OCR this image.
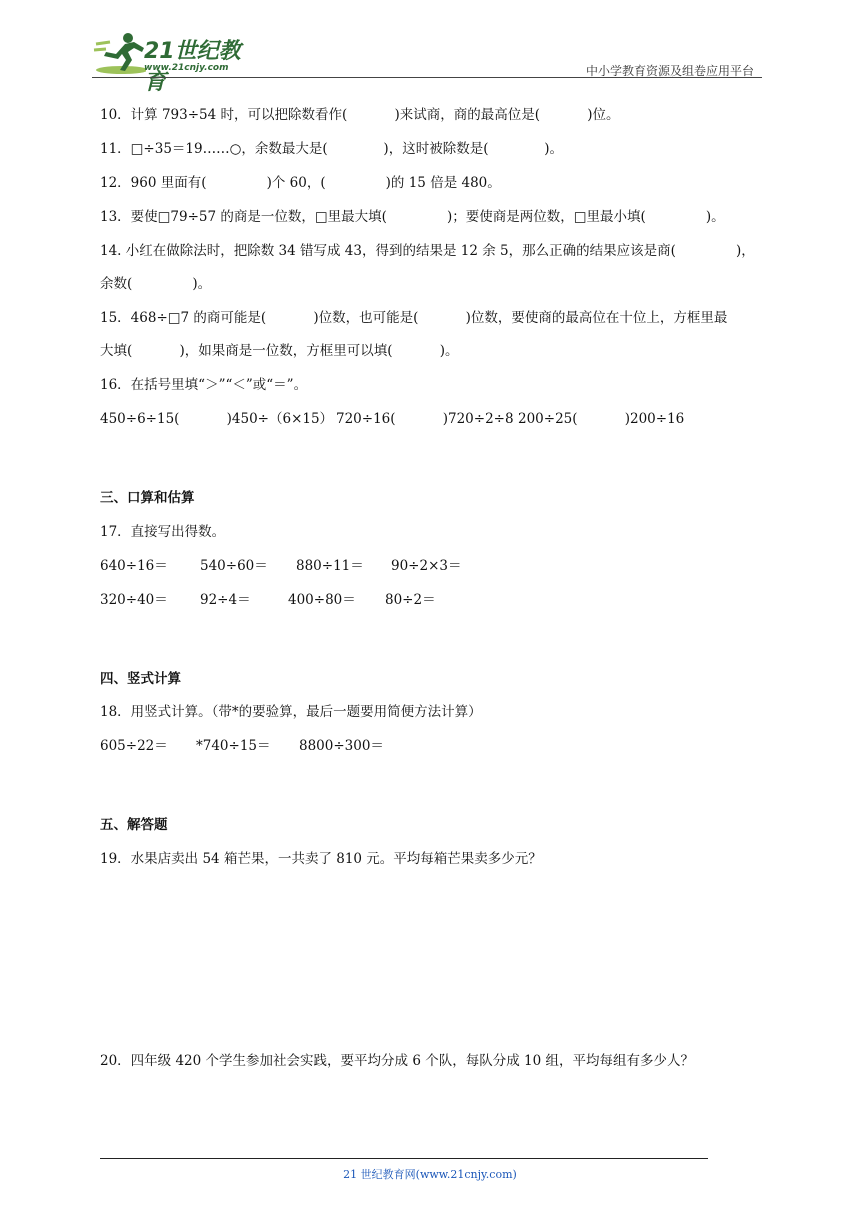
21世纪教育
www.21cnjy.com	中小学教育资源及组卷应用平台
10．计算 793÷54 时，可以把除数看作(           )来试商，商的最高位是(           )位。
11．□÷35＝19……○，余数最大是(             )，这时被除数是(             )。
12．960 里面有(              )个 60，(              )的 15 倍是 480。
13．要使□79÷57 的商是一位数，□里最大填(              )；要使商是两位数，□里最小填(              )。
14. 小红在做除法时，把除数 34 错写成 43，得到的结果是 12 余 5，那么正确的结果应该是商(              )，
余数(              )。
15．468÷□7 的商可能是(           )位数，也可能是(           )位数，要使商的最高位在十位上，方框里最
大填(           )，如果商是一位数，方框里可以填(           )。
16．在括号里填“＞”“＜”或“＝”。
450÷6÷15(           )450÷（6×15） 720÷16(           )720÷2÷8 200÷25(           )200÷16
三、口算和估算
17．直接写出得数。
640÷16＝ 540÷60＝ 880÷11＝ 90÷2×3＝
320÷40＝ 92÷4＝	400÷80＝ 80÷2＝
四、竖式计算
18．用竖式计算。（带*的要验算，最后一题要用简便方法计算）
605÷22＝ *740÷15＝ 8800÷300＝
五、解答题
19．水果店卖出 54 箱芒果，一共卖了 810 元。平均每箱芒果卖多少元？
20．四年级 420 个学生参加社会实践，要平均分成 6 个队，每队分成 10 组，平均每组有多少人？
21 世纪教育网(www.21cnjy.com)
